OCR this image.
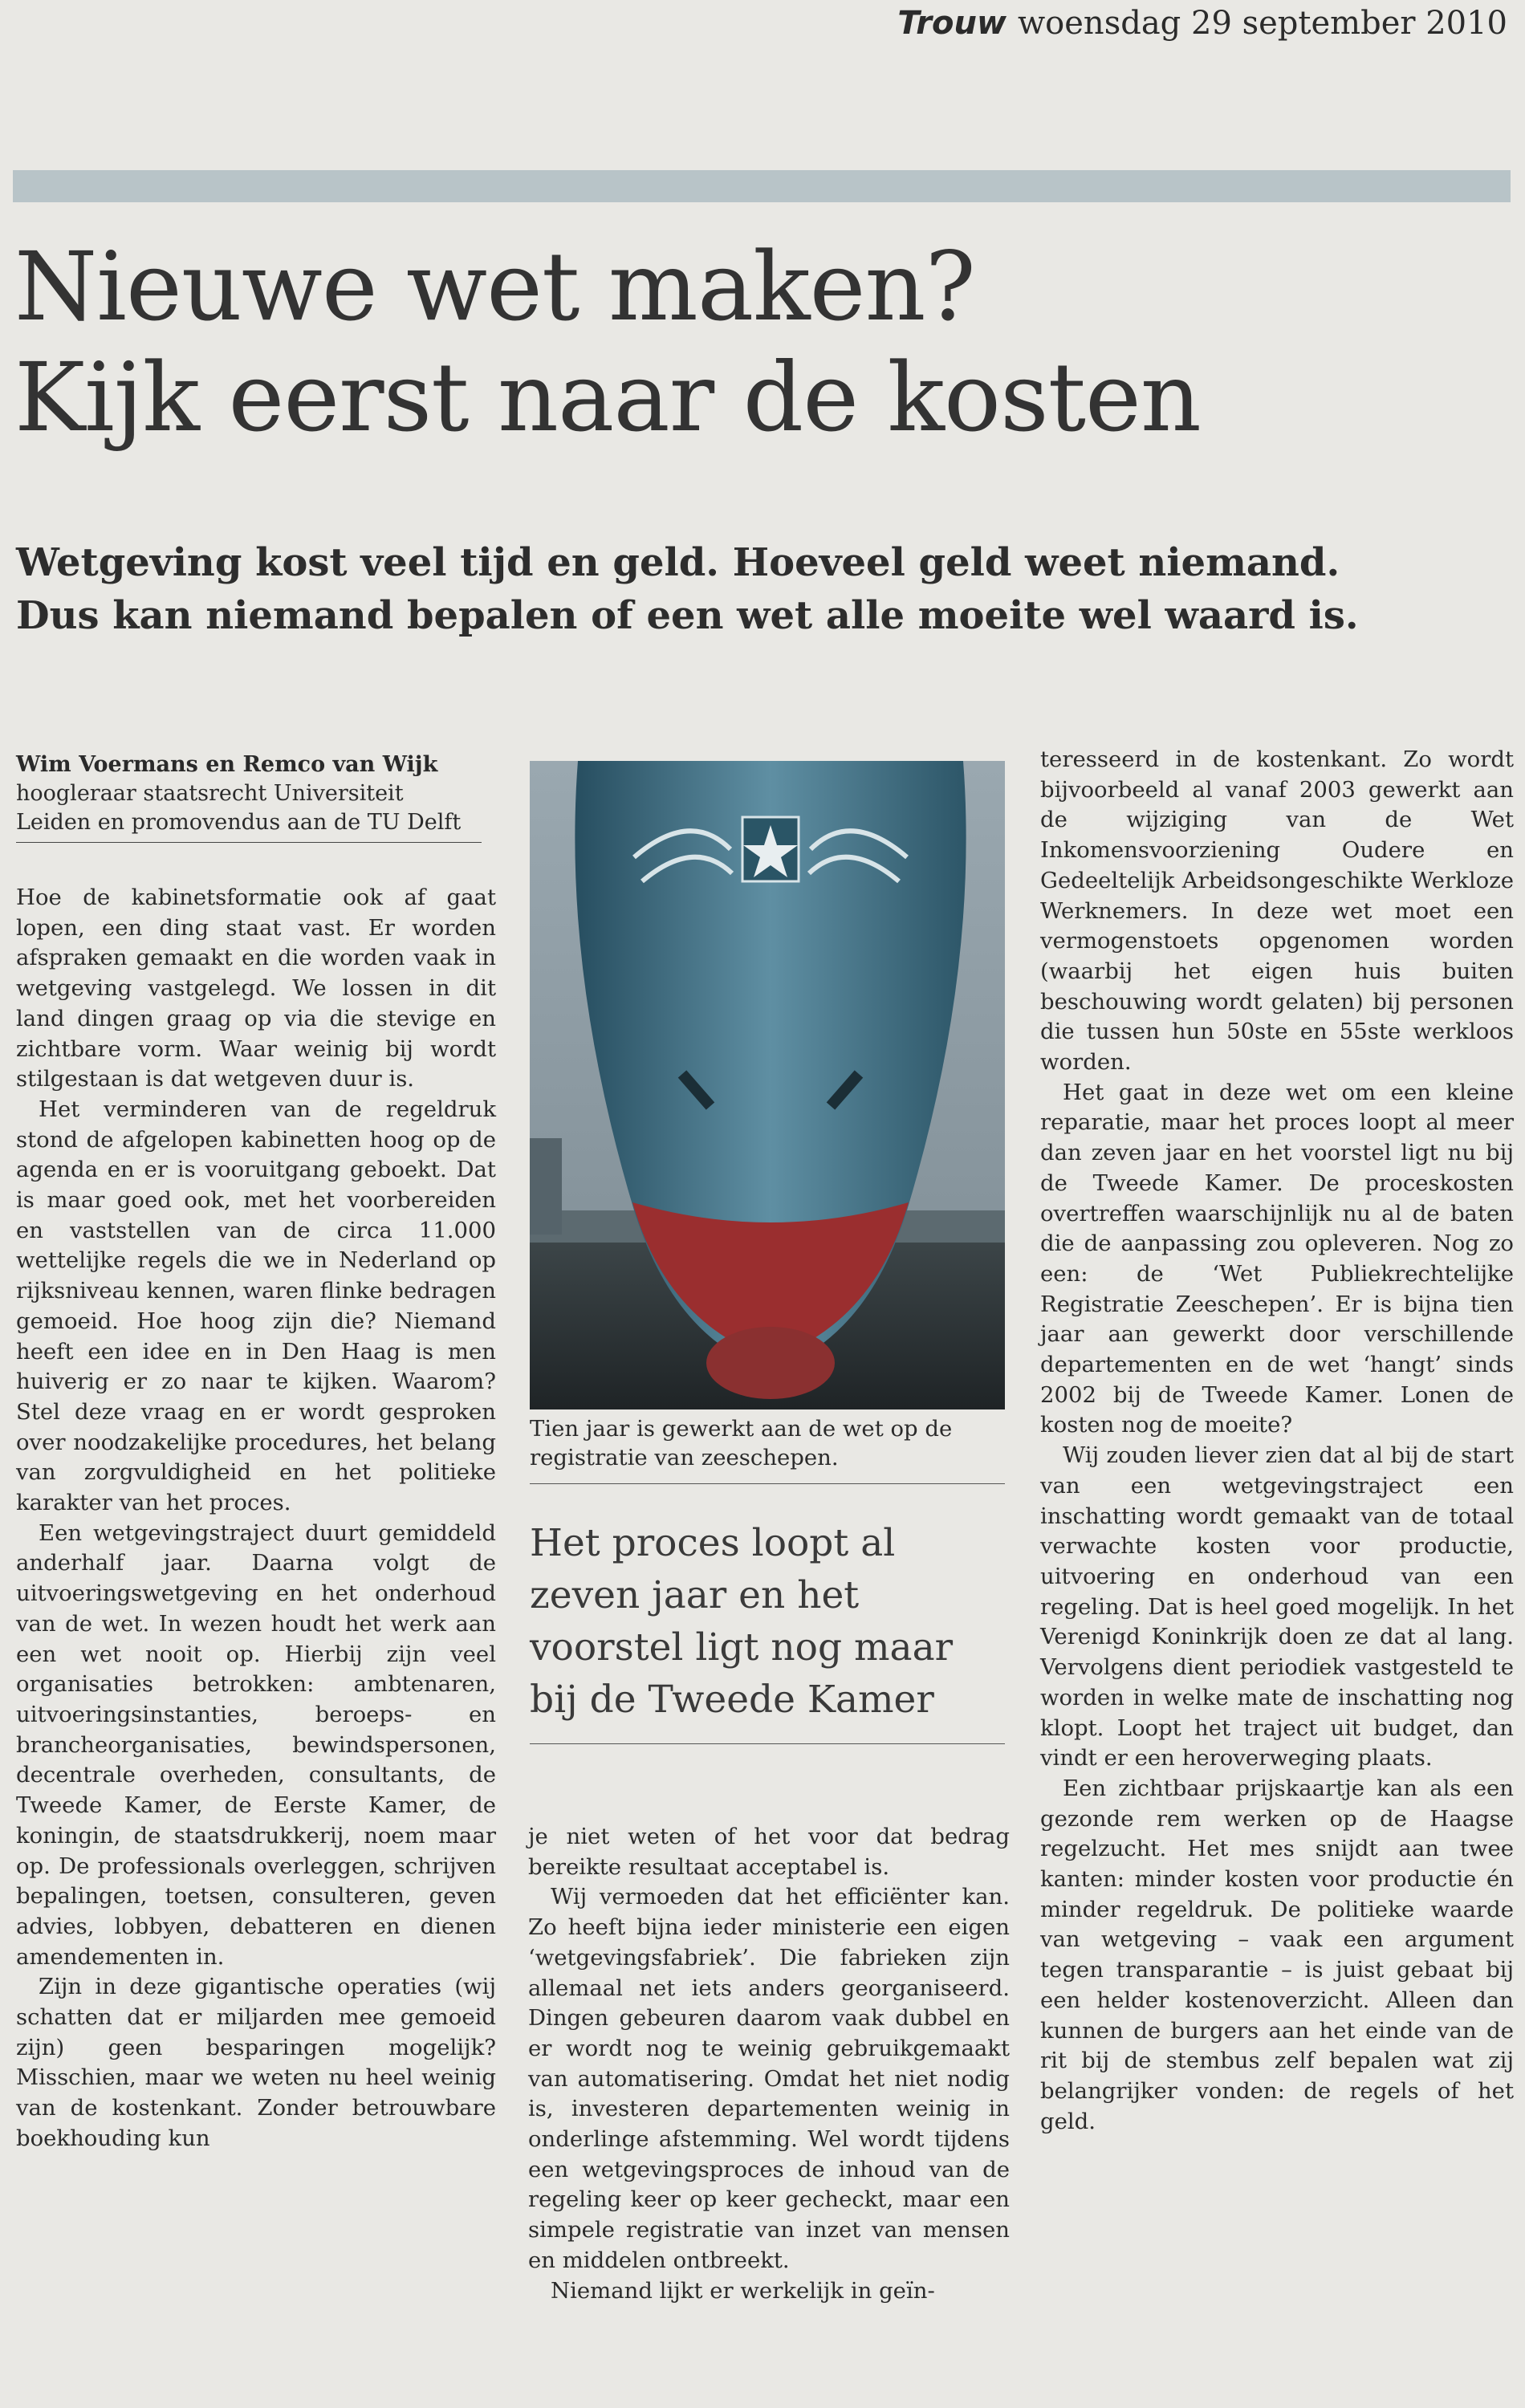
Trouw woensdag 29 september 2010
Nieuwe wet maken?
Kijk eerst naar de kosten
Wetgeving kost veel tijd en geld. Hoeveel geld weet niemand.
Dus kan niemand bepalen of een wet alle moeite wel waard is.
Wim Voermans en Remco van Wijk
hoogleraar staatsrecht Universiteit Leiden en promovendus aan de TU Delft

Hoe de kabinetsformatie ook af gaat lopen, een ding staat vast. Er worden afspraken gemaakt en die worden vaak in wetgeving vastgelegd. We lossen in dit land dingen graag op via die stevige en zichtbare vorm. Waar weinig bij wordt stilgestaan is dat wetgeven duur is.

Het verminderen van de regeldruk stond de afgelopen kabinetten hoog op de agenda en er is vooruitgang geboekt. Dat is maar goed ook, met het voorbereiden en vaststellen van de circa 11.000 wettelijke regels die we in Nederland op rijksniveau kennen, waren flinke bedragen gemoeid. Hoe hoog zijn die? Niemand heeft een idee en in Den Haag is men huiverig er zo naar te kijken. Waarom? Stel deze vraag en er wordt gesproken over noodzakelijke procedures, het belang van zorgvuldigheid en het politieke karakter van het proces.

Een wetgevingstraject duurt gemiddeld anderhalf jaar. Daarna volgt de uitvoeringswetgeving en het onderhoud van de wet. In wezen houdt het werk aan een wet nooit op. Hierbij zijn veel organisaties betrokken: ambtenaren, uitvoeringsinstanties, beroeps- en brancheorganisaties, bewindspersonen, decentrale overheden, consultants, de Tweede Kamer, de Eerste Kamer, de koningin, de staatsdrukkerij, noem maar op. De professionals overleggen, schrijven bepalingen, toetsen, consulteren, geven advies, lobbyen, debatteren en dienen amendementen in.

Zijn in deze gigantische operaties (wij schatten dat er miljarden mee gemoeid zijn) geen besparingen mogelijk? Misschien, maar we weten nu heel weinig van de kostenkant. Zonder betrouwbare boekhouding kun

Tien jaar is gewerkt aan de wet op de registratie van zeeschepen.
Het proces loopt al zeven jaar en het voorstel ligt nog maar bij de Tweede Kamer

je niet weten of het voor dat bedrag bereikte resultaat acceptabel is.

Wij vermoeden dat het efficiënter kan. Zo heeft bijna ieder ministerie een eigen ‘wetgevingsfabriek’. Die fabrieken zijn allemaal net iets anders georganiseerd. Dingen gebeuren daarom vaak dubbel en er wordt nog te weinig gebruikgemaakt van automatisering. Omdat het niet nodig is, investeren departementen weinig in onderlinge afstemming. Wel wordt tijdens een wetgevingsproces de inhoud van de regeling keer op keer gecheckt, maar een simpele registratie van inzet van mensen en middelen ontbreekt.

Niemand lijkt er werkelijk in geïn-

teresseerd in de kostenkant. Zo wordt bijvoorbeeld al vanaf 2003 gewerkt aan de wijziging van de Wet Inkomensvoorziening Oudere en Gedeeltelijk Arbeidsongeschikte Werkloze Werknemers. In deze wet moet een vermogenstoets opgenomen worden (waarbij het eigen huis buiten beschouwing wordt gelaten) bij personen die tussen hun 50ste en 55ste werkloos worden.

Het gaat in deze wet om een kleine reparatie, maar het proces loopt al meer dan zeven jaar en het voorstel ligt nu bij de Tweede Kamer. De proceskosten overtreffen waarschijnlijk nu al de baten die de aanpassing zou opleveren. Nog zo een: de ‘Wet Publiekrechtelijke Registratie Zeeschepen’. Er is bijna tien jaar aan gewerkt door verschillende departementen en de wet ‘hangt’ sinds 2002 bij de Tweede Kamer. Lonen de kosten nog de moeite?

Wij zouden liever zien dat al bij de start van een wetgevingstraject een inschatting wordt gemaakt van de totaal verwachte kosten voor productie, uitvoering en onderhoud van een regeling. Dat is heel goed mogelijk. In het Verenigd Koninkrijk doen ze dat al lang. Vervolgens dient periodiek vastgesteld te worden in welke mate de inschatting nog klopt. Loopt het traject uit budget, dan vindt er een heroverweging plaats.

Een zichtbaar prijskaartje kan als een gezonde rem werken op de Haagse regelzucht. Het mes snijdt aan twee kanten: minder kosten voor productie én minder regeldruk. De politieke waarde van wetgeving – vaak een argument tegen transparantie – is juist gebaat bij een helder kostenoverzicht. Alleen dan kunnen de burgers aan het einde van de rit bij de stembus zelf bepalen wat zij belangrijker vonden: de regels of het geld.
